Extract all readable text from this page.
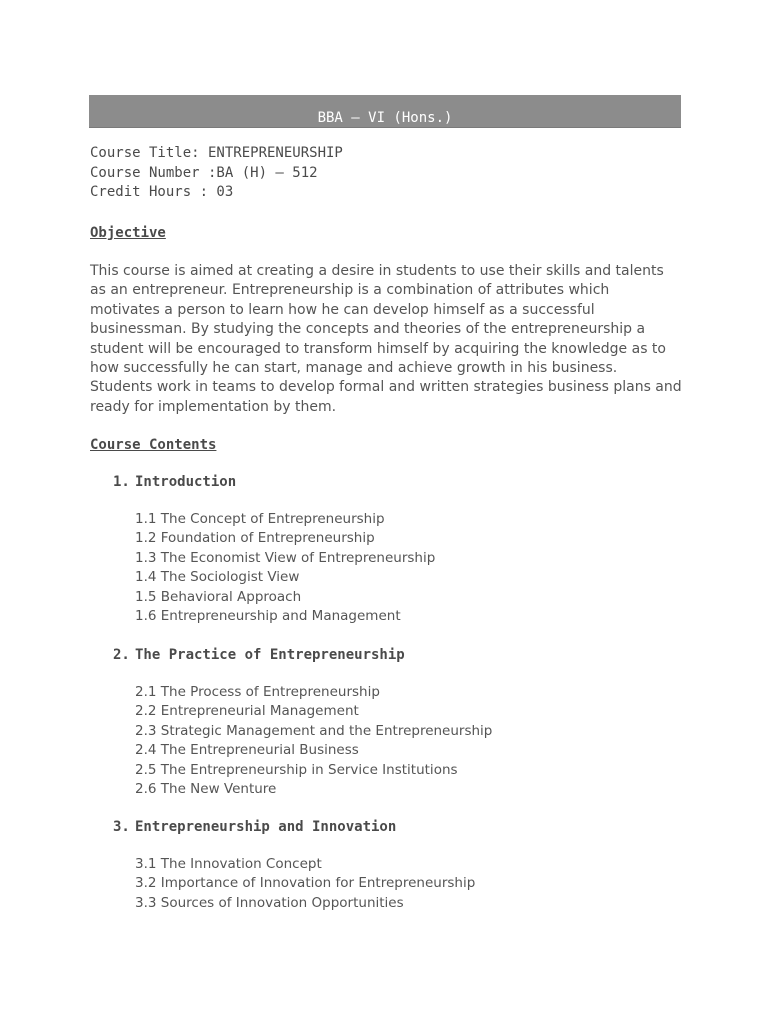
BBA – VI (Hons.)
Course Title: ENTREPRENEURSHIP
Course Number :BA (H) – 512
Credit Hours : 03
Objective
This course is aimed at creating a desire in students to use their skills and talents
as an entrepreneur. Entrepreneurship is a combination of attributes which
motivates a person to learn how he can develop himself as a successful
businessman. By studying the concepts and theories of the entrepreneurship a
student will be encouraged to transform himself by acquiring the knowledge as to
how successfully he can start, manage and achieve growth in his business.
Students work in teams to develop formal and written strategies business plans and
ready for implementation by them.
Course Contents
1. Introduction
1.1 The Concept of Entrepreneurship
1.2 Foundation of Entrepreneurship
1.3 The Economist View of Entrepreneurship
1.4 The Sociologist View
1.5 Behavioral Approach
1.6 Entrepreneurship and Management
2. The Practice of Entrepreneurship
2.1 The Process of Entrepreneurship
2.2 Entrepreneurial Management
2.3 Strategic Management and the Entrepreneurship
2.4 The Entrepreneurial Business
2.5 The Entrepreneurship in Service Institutions
2.6 The New Venture
3. Entrepreneurship and Innovation
3.1 The Innovation Concept
3.2 Importance of Innovation for Entrepreneurship
3.3 Sources of Innovation Opportunities
